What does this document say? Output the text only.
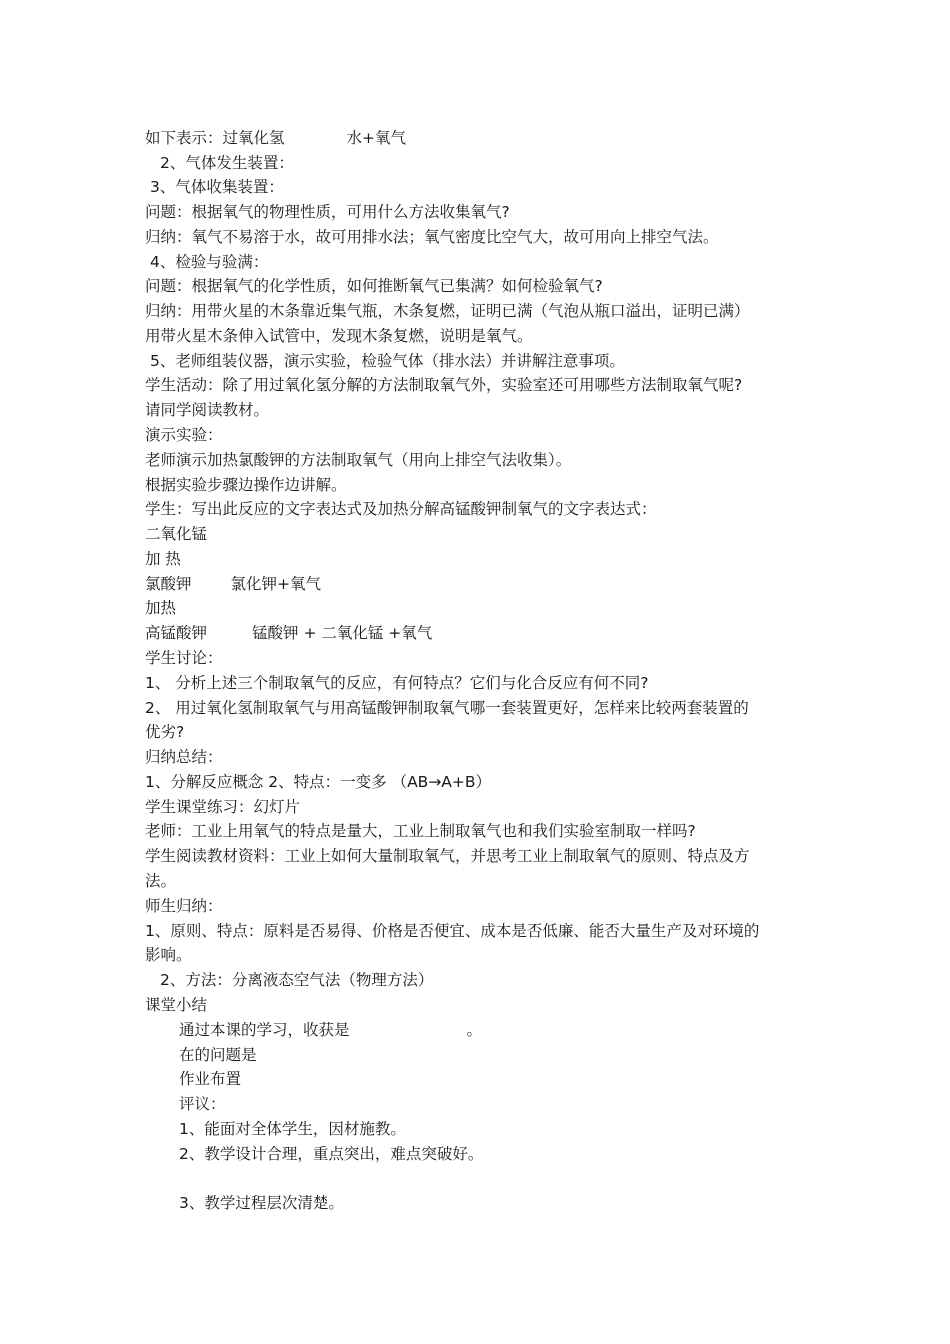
如下表示：过氧化氢	水+氧气
2、气体发生装置：
3、气体收集装置：
问题：根据氧气的物理性质，可用什么方法收集氧气?
归纳：氧气不易溶于水，故可用排水法；氧气密度比空气大，故可用向上排空气法。
4、检验与验满：
问题：根据氧气的化学性质，如何推断氧气已集满？如何检验氧气?
归纳：用带火星的木条靠近集气瓶，木条复燃，证明已满（气泡从瓶口溢出，证明已满）
用带火星木条伸入试管中，发现木条复燃，说明是氧气。
5、老师组装仪器，演示实验，检验气体（排水法）并讲解注意事项。
学生活动：除了用过氧化氢分解的方法制取氧气外，实验室还可用哪些方法制取氧气呢?
请同学阅读教材。
演示实验：
老师演示加热氯酸钾的方法制取氧气（用向上排空气法收集）。
根据实验步骤边操作边讲解。
学生：写出此反应的文字表达式及加热分解高锰酸钾制氧气的文字表达式：
二氧化锰
加 热
氯酸钾	氯化钾+氧气
加热
高锰酸钾	锰酸钾 + 二氧化锰 +氧气
学生讨论：
1、 分析上述三个制取氧气的反应，有何特点？它们与化合反应有何不同?
2、 用过氧化氢制取氧气与用高锰酸钾制取氧气哪一套装置更好，怎样来比较两套装置的
优劣?
归纳总结：
1、分解反应概念 2、特点：一变多 （AB→A+B）
学生课堂练习：幻灯片
老师：工业上用氧气的特点是量大，工业上制取氧气也和我们实验室制取一样吗?
学生阅读教材资料：工业上如何大量制取氧气，并思考工业上制取氧气的原则、特点及方
法。
师生归纳：
1、原则、特点：原料是否易得、价格是否便宜、成本是否低廉、能否大量生产及对环境的
影响。
2、方法：分离液态空气法（物理方法）
课堂小结
通过本课的学习，收获是	。
在的问题是
作业布置
评议：
1、能面对全体学生，因材施教。
2、教学设计合理，重点突出，难点突破好。
3、教学过程层次清楚。
